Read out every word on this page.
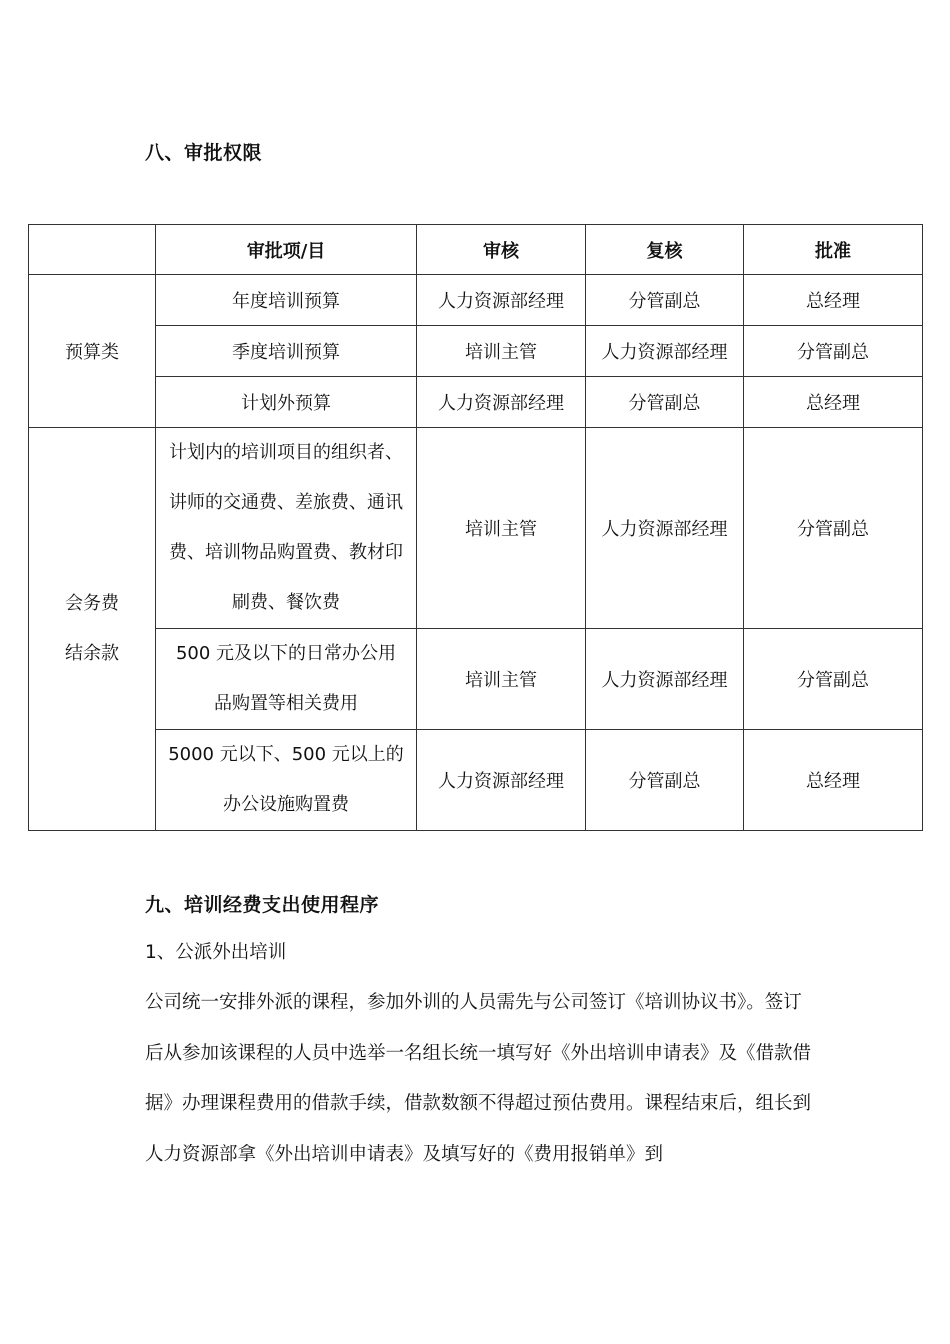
八、审批权限
	审批项/目	审核	复核	批准
预算类	年度培训预算	人力资源部经理	分管副总	总经理
	季度培训预算	培训主管	人力资源部经理	分管副总
	计划外预算	人力资源部经理	分管副总	总经理
会务费结余款	计划内的培训项目的组织者、讲师的交通费、差旅费、通讯费、培训物品购置费、教材印刷费、餐饮费	培训主管	人力资源部经理	分管副总
	500 元及以下的日常办公用品购置等相关费用	培训主管	人力资源部经理	分管副总
	5000 元以下、500 元以上的办公设施购置费	人力资源部经理	分管副总	总经理
九、培训经费支出使用程序

1、公派外出培训

公司统一安排外派的课程，参加外训的人员需先与公司签订《培训协议书》。签订后从参加该课程的人员中选举一名组长统一填写好《外出培训申请表》及《借款借据》办理课程费用的借款手续，借款数额不得超过预估费用。课程结束后，组长到人力资源部拿《外出培训申请表》及填写好的《费用报销单》到
